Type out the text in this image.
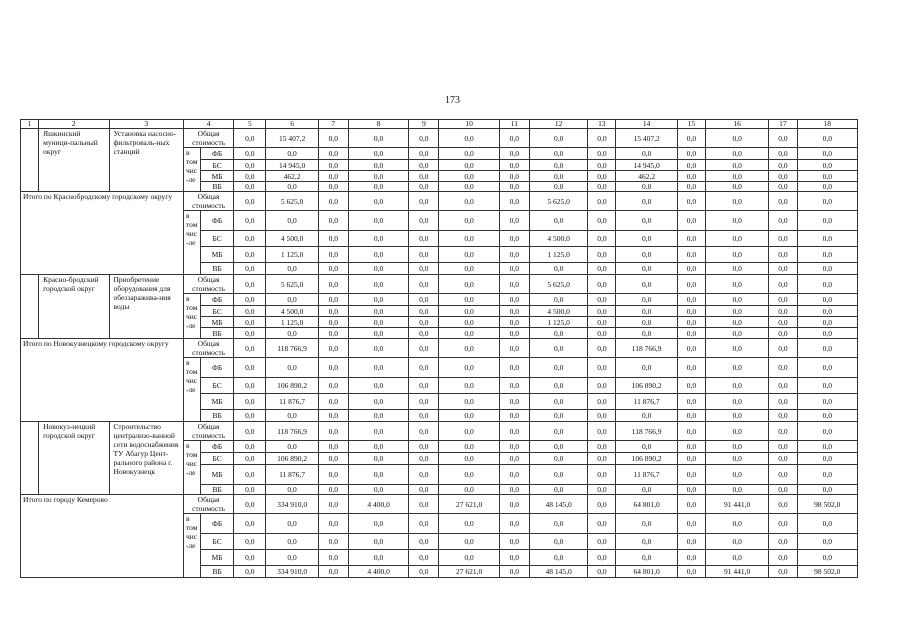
173
1	2	3	4		5	6	7	8	9	10	11	12	13	14	15	16	17	18
	Яшкинский муници-пальный округ	Установка насосно-фильтроваль-ных станций	Общая стоимость		0,0	15 407,2	0,0	0,0	0,0	0,0	0,0	0,0	0,0	15 407,2	0,0	0,0	0,0	0,0
			в том чис -ле	ФБ	0,0	0,0	0,0	0,0	0,0	0,0	0,0	0,0	0,0	0,0	0,0	0,0	0,0	0,0
				БС	0,0	14 945,0	0,0	0,0	0,0	0,0	0,0	0,0	0,0	14 945,0	0,0	0,0	0,0	0,0
				МБ	0,0	462,2	0,0	0,0	0,0	0,0	0,0	0,0	0,0	462,2	0,0	0,0	0,0	0,0
				ВБ	0,0	0,0	0,0	0,0	0,0	0,0	0,0	0,0	0,0	0,0	0,0	0,0	0,0	0,0
Итого по Краснобродскому городскому округу			Общая стоимость		0,0	5 625,0	0,0	0,0	0,0	0,0	0,0	5 625,0	0,0	0,0	0,0	0,0	0,0	0,0
			в том чис -ле	ФБ	0,0	0,0	0,0	0,0	0,0	0,0	0,0	0,0	0,0	0,0	0,0	0,0	0,0	0,0
				БС	0,0	4 500,0	0,0	0,0	0,0	0,0	0,0	4 500,0	0,0	0,0	0,0	0,0	0,0	0,0
				МБ	0,0	1 125,0	0,0	0,0	0,0	0,0	0,0	1 125,0	0,0	0,0	0,0	0,0	0,0	0,0
				ВБ	0,0	0,0	0,0	0,0	0,0	0,0	0,0	0,0	0,0	0,0	0,0	0,0	0,0	0,0
	Красно-бродский городской округ	Приобретение оборудования для обеззаражива-ния воды	Общая стоимость		0,0	5 625,0	0,0	0,0	0,0	0,0	0,0	5 625,0	0,0	0,0	0,0	0,0	0,0	0,0
			в том чис -ле	ФБ	0,0	0,0	0,0	0,0	0,0	0,0	0,0	0,0	0,0	0,0	0,0	0,0	0,0	0,0
				БС	0,0	4 500,0	0,0	0,0	0,0	0,0	0,0	4 500,0	0,0	0,0	0,0	0,0	0,0	0,0
				МБ	0,0	1 125,0	0,0	0,0	0,0	0,0	0,0	1 125,0	0,0	0,0	0,0	0,0	0,0	0,0
				ВБ	0,0	0,0	0,0	0,0	0,0	0,0	0,0	0,0	0,0	0,0	0,0	0,0	0,0	0,0
Итого по Новокузнецкому городскому округу			Общая стоимость		0,0	118 766,9	0,0	0,0	0,0	0,0	0,0	0,0	0,0	118 766,9	0,0	0,0	0,0	0,0
			в том чис -ле	ФБ	0,0	0,0	0,0	0,0	0,0	0,0	0,0	0,0	0,0	0,0	0,0	0,0	0,0	0,0
				БС	0,0	106 890,2	0,0	0,0	0,0	0,0	0,0	0,0	0,0	106 890,2	0,0	0,0	0,0	0,0
				МБ	0,0	11 876,7	0,0	0,0	0,0	0,0	0,0	0,0	0,0	11 876,7	0,0	0,0	0,0	0,0
				ВБ	0,0	0,0	0,0	0,0	0,0	0,0	0,0	0,0	0,0	0,0	0,0	0,0	0,0	0,0
	Новокуз-нецкий городской округ	Строительство централизо-ванной сети водоснабжения ТУ Абагур Цент-рального района г. Новокузнецк	Общая стоимость		0,0	118 766,9	0,0	0,0	0,0	0,0	0,0	0,0	0,0	118 766,9	0,0	0,0	0,0	0,0
			в том чис -ле	ФБ	0,0	0,0	0,0	0,0	0,0	0,0	0,0	0,0	0,0	0,0	0,0	0,0	0,0	0,0
				БС	0,0	106 890,2	0,0	0,0	0,0	0,0	0,0	0,0	0,0	106 890,2	0,0	0,0	0,0	0,0
				МБ	0,0	11 876,7	0,0	0,0	0,0	0,0	0,0	0,0	0,0	11 876,7	0,0	0,0	0,0	0,0
				ВБ	0,0	0,0	0,0	0,0	0,0	0,0	0,0	0,0	0,0	0,0	0,0	0,0	0,0	0,0
Итого по городу Кемерово			Общая стоимость		0,0	334 910,0	0,0	4 400,0	0,0	27 621,0	0,0	48 145,0	0,0	64 801,0	0,0	91 441,0	0,0	98 502,0
			в том чис -ле	ФБ	0,0	0,0	0,0	0,0	0,0	0,0	0,0	0,0	0,0	0,0	0,0	0,0	0,0	0,0
				БС	0,0	0,0	0,0	0,0	0,0	0,0	0,0	0,0	0,0	0,0	0,0	0,0	0,0	0,0
				МБ	0,0	0,0	0,0	0,0	0,0	0,0	0,0	0,0	0,0	0,0	0,0	0,0	0,0	0,0
				ВБ	0,0	334 910,0	0,0	4 400,0	0,0	27 621,0	0,0	48 145,0	0,0	64 801,0	0,0	91 441,0	0,0	98 502,0
